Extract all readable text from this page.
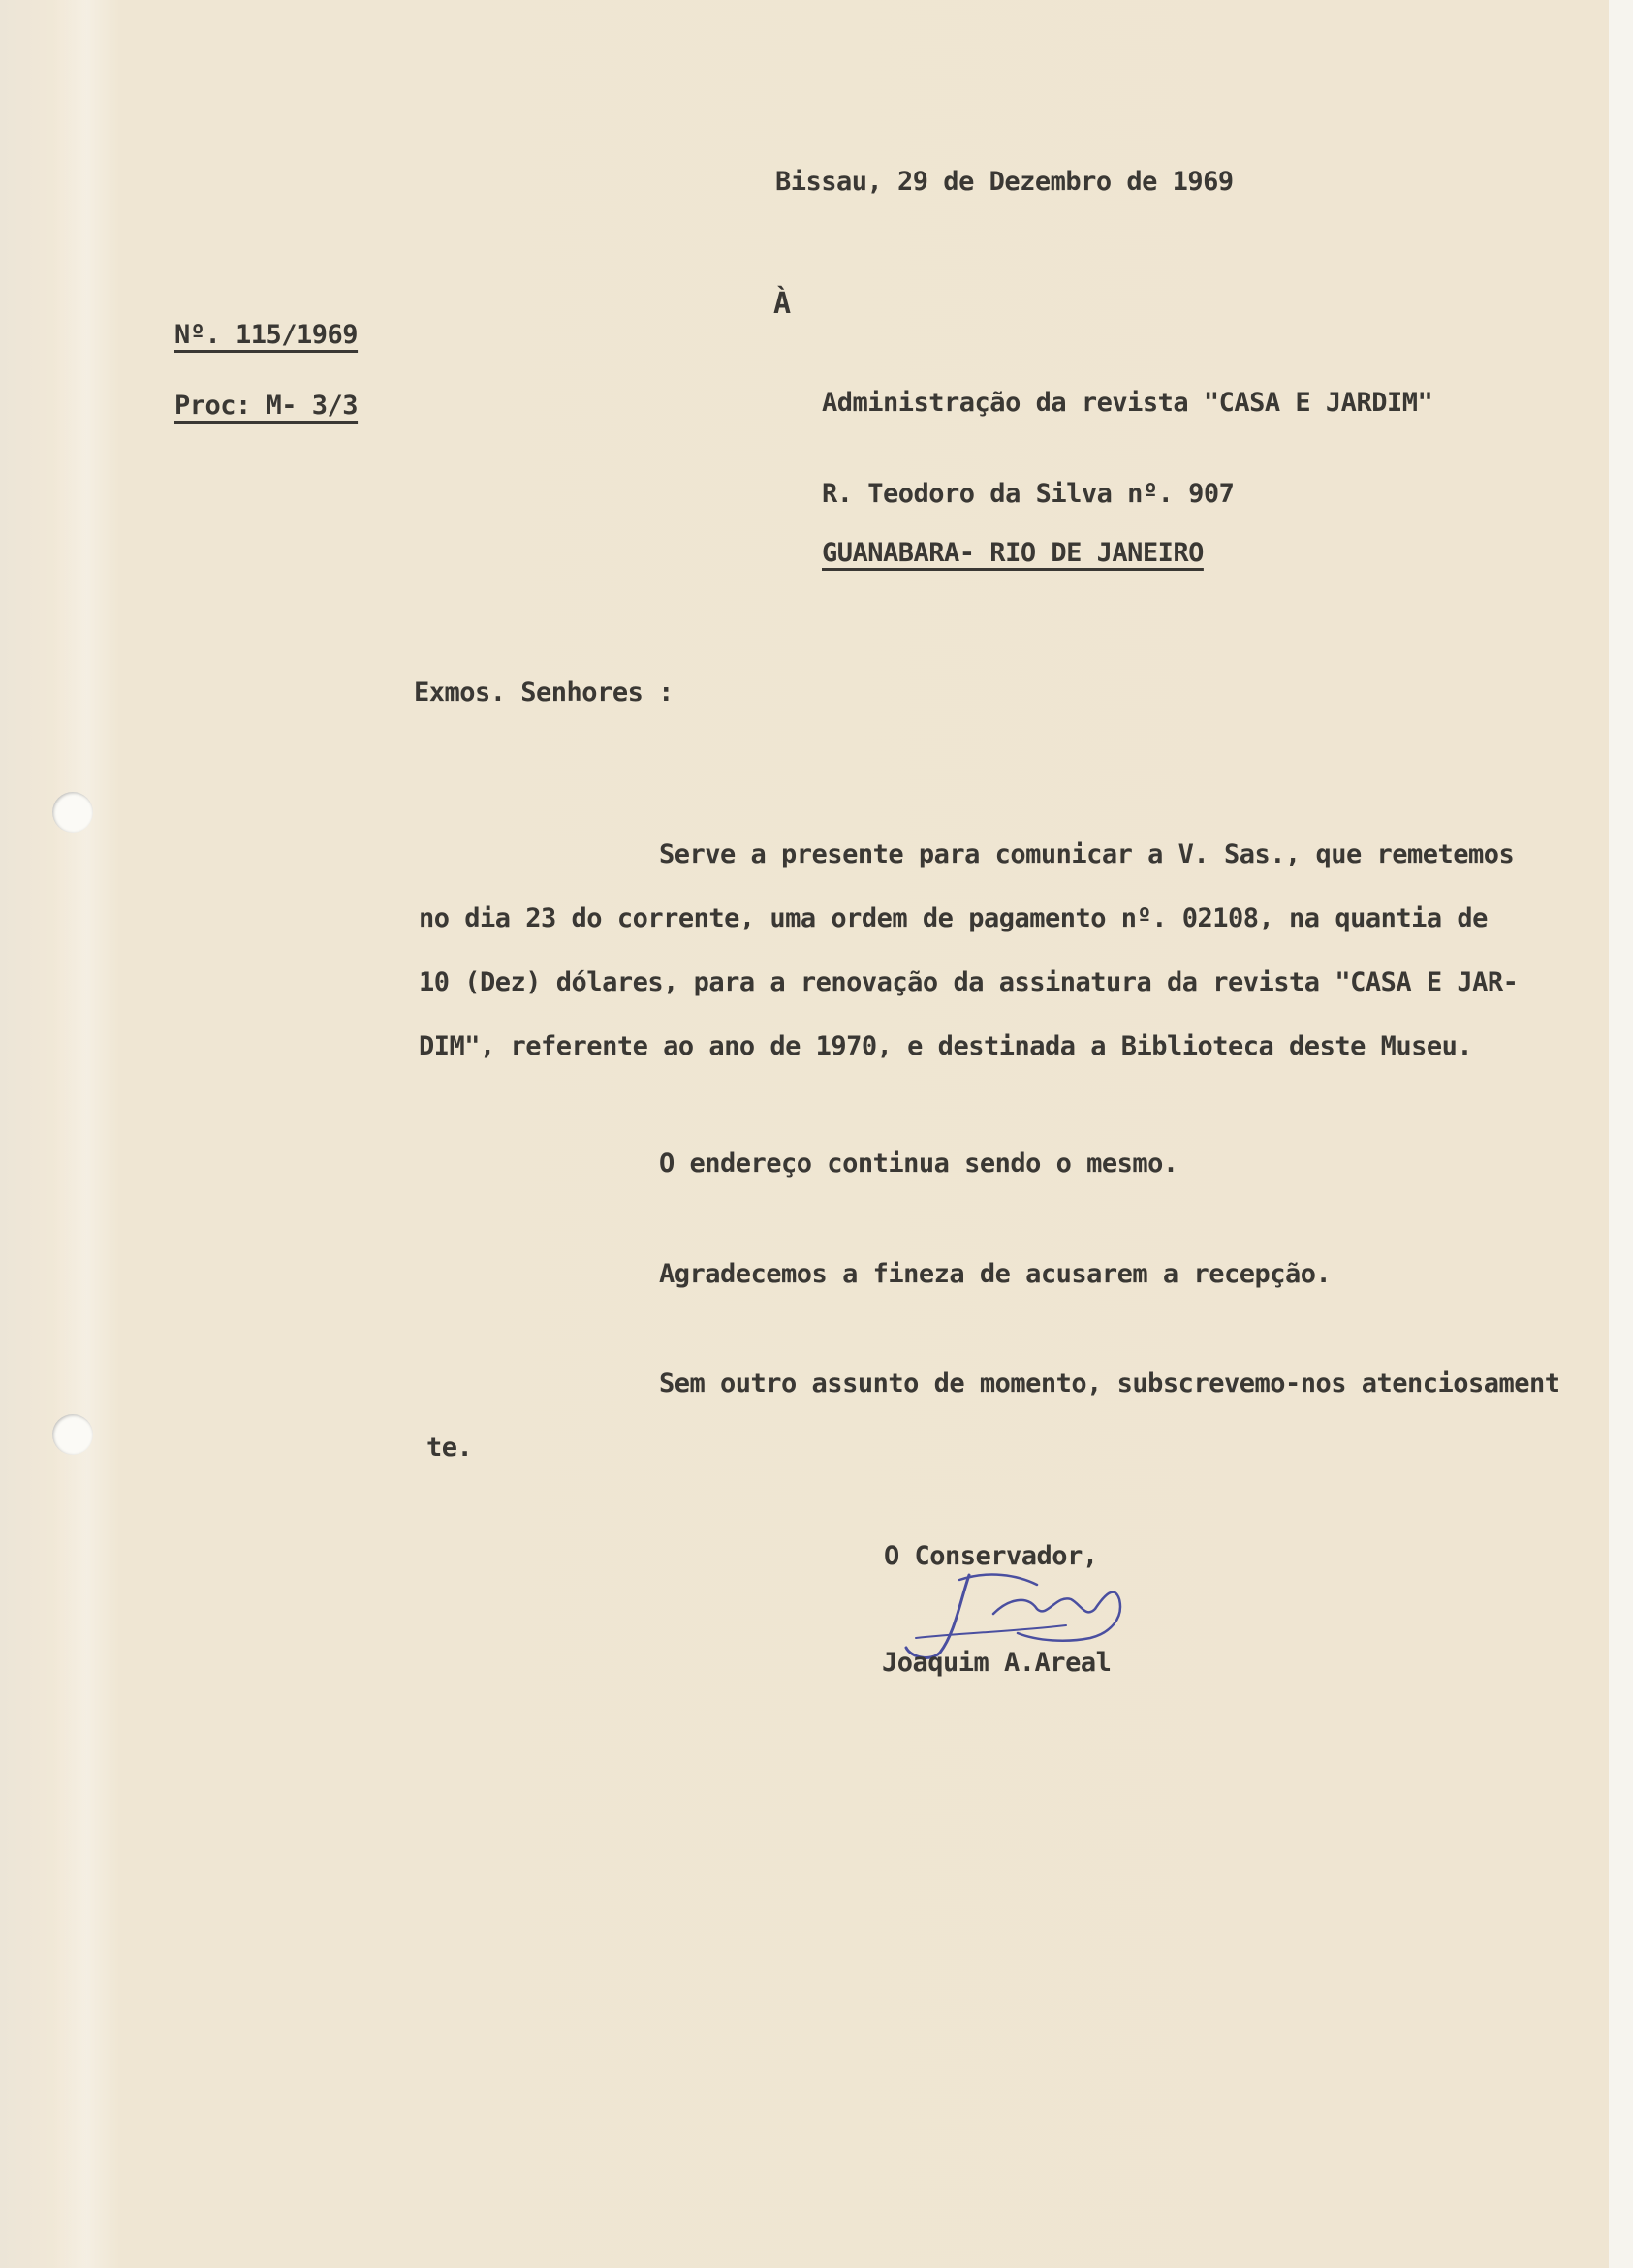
Bissau, 29 de Dezembro de 1969
À
Nº. 115/1969
Proc: M- 3/3	Administração da revista "CASA E JARDIM"
R. Teodoro da Silva nº. 907
GUANABARA- RIO DE JANEIRO
Exmos. Senhores :
Serve a presente para comunicar a V. Sas., que remetemos
no dia 23 do corrente, uma ordem de pagamento nº. 02108, na quantia de
10 (Dez) dólares, para a renovação da assinatura da revista "CASA E JAR-
DIM", referente ao ano de 1970, e destinada a Biblioteca deste Museu.
O endereço continua sendo o mesmo.
Agradecemos a fineza de acusarem a recepção.
Sem outro assunto de momento, subscrevemo-nos atenciosament
te.
O Conservador,
Joaquim A.Areal
